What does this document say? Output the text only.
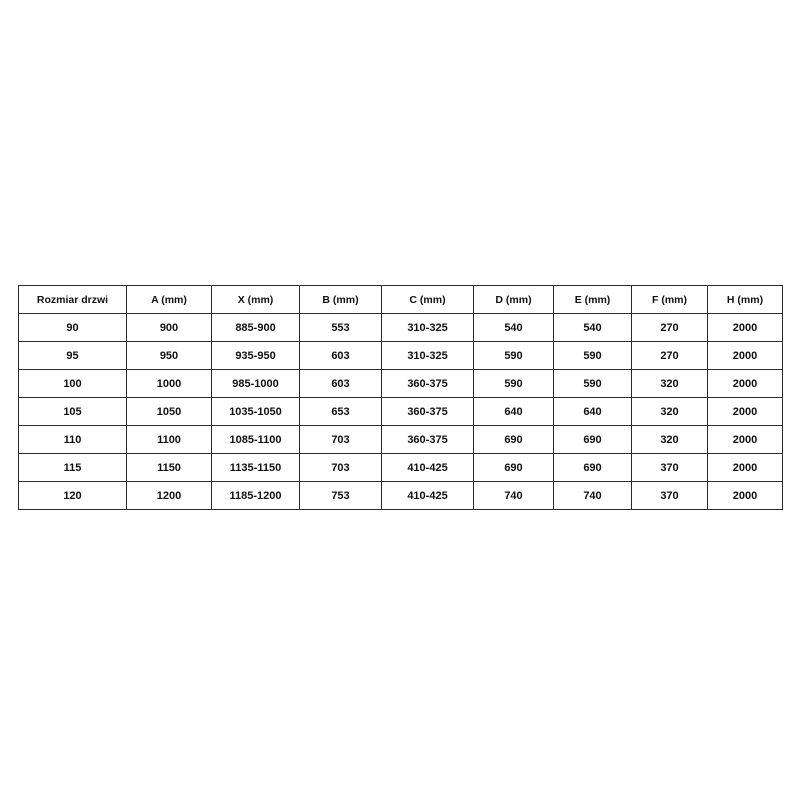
Rozmiar drzwi	A (mm)	X (mm)	B (mm)	C (mm)	D (mm)	E (mm)	F (mm)	H (mm)
90	900	885-900	553	310-325	540	540	270	2000
95	950	935-950	603	310-325	590	590	270	2000
100	1000	985-1000	603	360-375	590	590	320	2000
105	1050	1035-1050	653	360-375	640	640	320	2000
110	1100	1085-1100	703	360-375	690	690	320	2000
115	1150	1135-1150	703	410-425	690	690	370	2000
120	1200	1185-1200	753	410-425	740	740	370	2000
